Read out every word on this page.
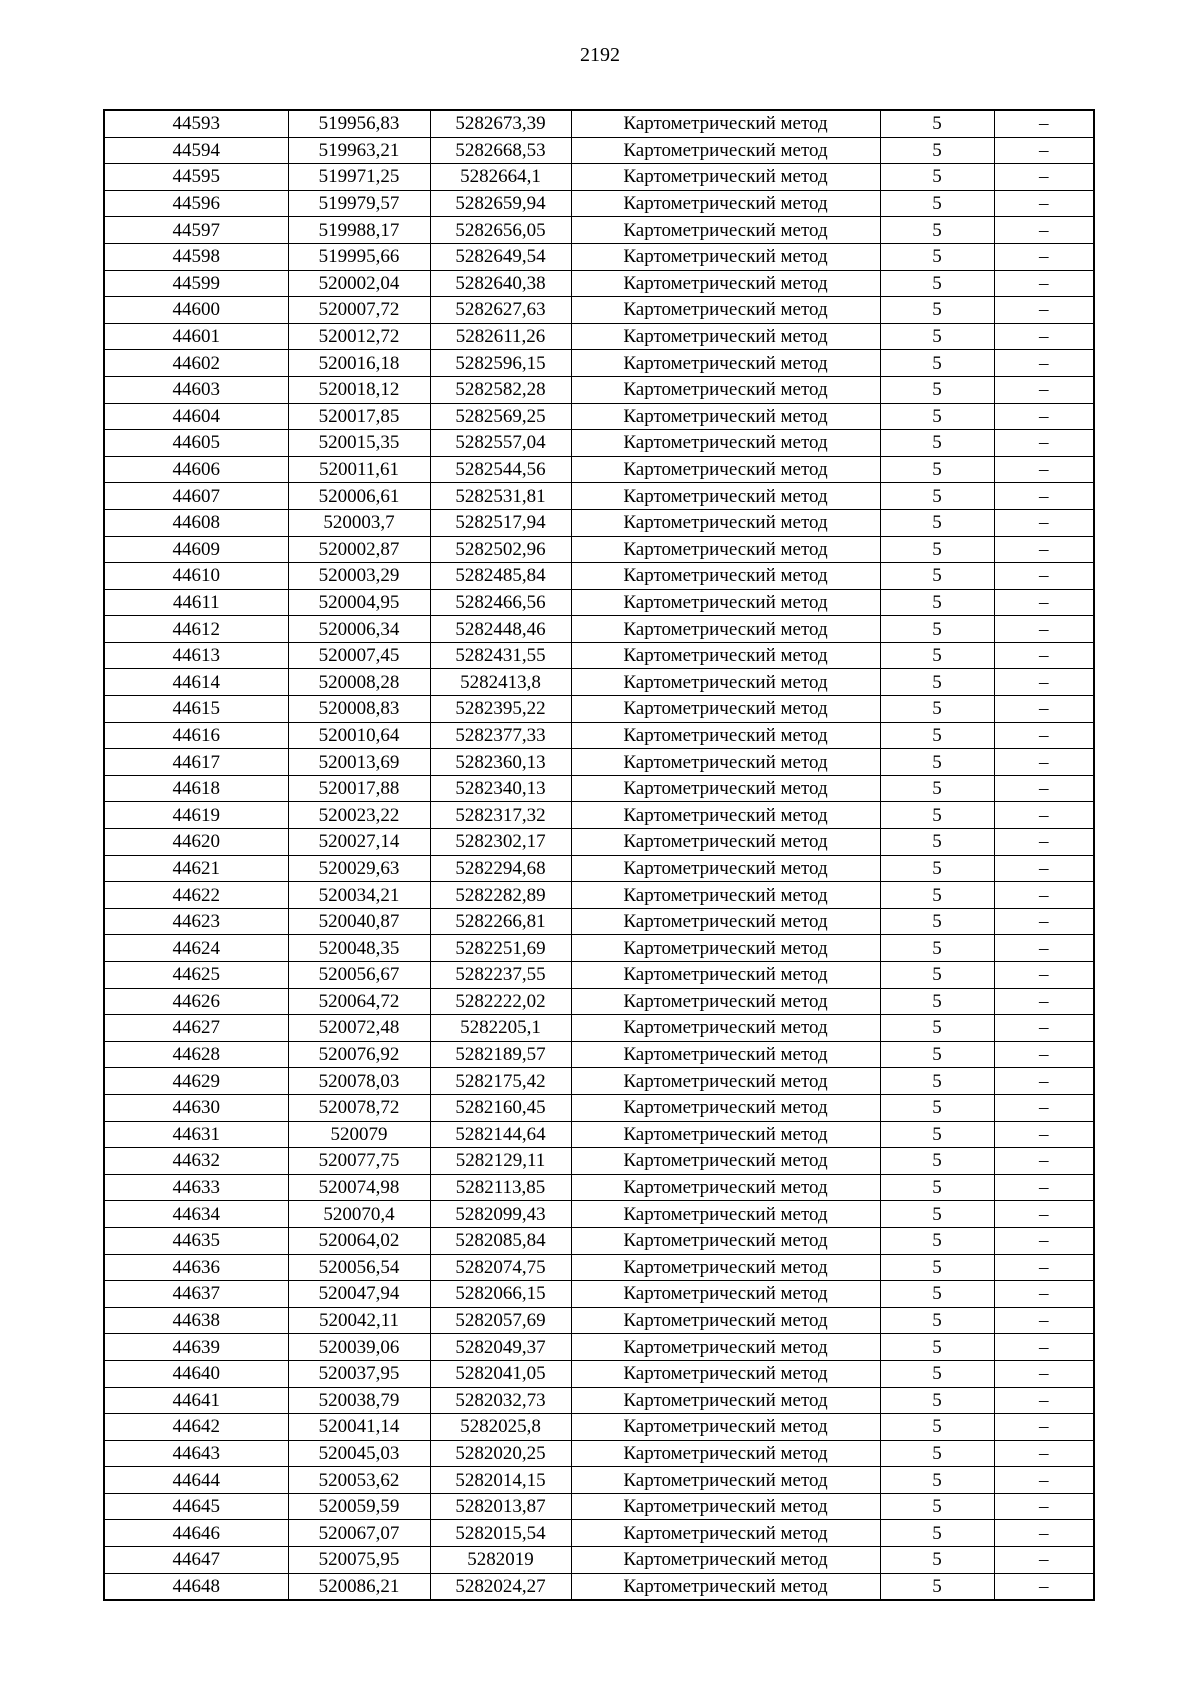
2192
44593	519956,83	5282673,39	Картометрический метод	5	–
44594	519963,21	5282668,53	Картометрический метод	5	–
44595	519971,25	5282664,1	Картометрический метод	5	–
44596	519979,57	5282659,94	Картометрический метод	5	–
44597	519988,17	5282656,05	Картометрический метод	5	–
44598	519995,66	5282649,54	Картометрический метод	5	–
44599	520002,04	5282640,38	Картометрический метод	5	–
44600	520007,72	5282627,63	Картометрический метод	5	–
44601	520012,72	5282611,26	Картометрический метод	5	–
44602	520016,18	5282596,15	Картометрический метод	5	–
44603	520018,12	5282582,28	Картометрический метод	5	–
44604	520017,85	5282569,25	Картометрический метод	5	–
44605	520015,35	5282557,04	Картометрический метод	5	–
44606	520011,61	5282544,56	Картометрический метод	5	–
44607	520006,61	5282531,81	Картометрический метод	5	–
44608	520003,7	5282517,94	Картометрический метод	5	–
44609	520002,87	5282502,96	Картометрический метод	5	–
44610	520003,29	5282485,84	Картометрический метод	5	–
44611	520004,95	5282466,56	Картометрический метод	5	–
44612	520006,34	5282448,46	Картометрический метод	5	–
44613	520007,45	5282431,55	Картометрический метод	5	–
44614	520008,28	5282413,8	Картометрический метод	5	–
44615	520008,83	5282395,22	Картометрический метод	5	–
44616	520010,64	5282377,33	Картометрический метод	5	–
44617	520013,69	5282360,13	Картометрический метод	5	–
44618	520017,88	5282340,13	Картометрический метод	5	–
44619	520023,22	5282317,32	Картометрический метод	5	–
44620	520027,14	5282302,17	Картометрический метод	5	–
44621	520029,63	5282294,68	Картометрический метод	5	–
44622	520034,21	5282282,89	Картометрический метод	5	–
44623	520040,87	5282266,81	Картометрический метод	5	–
44624	520048,35	5282251,69	Картометрический метод	5	–
44625	520056,67	5282237,55	Картометрический метод	5	–
44626	520064,72	5282222,02	Картометрический метод	5	–
44627	520072,48	5282205,1	Картометрический метод	5	–
44628	520076,92	5282189,57	Картометрический метод	5	–
44629	520078,03	5282175,42	Картометрический метод	5	–
44630	520078,72	5282160,45	Картометрический метод	5	–
44631	520079	5282144,64	Картометрический метод	5	–
44632	520077,75	5282129,11	Картометрический метод	5	–
44633	520074,98	5282113,85	Картометрический метод	5	–
44634	520070,4	5282099,43	Картометрический метод	5	–
44635	520064,02	5282085,84	Картометрический метод	5	–
44636	520056,54	5282074,75	Картометрический метод	5	–
44637	520047,94	5282066,15	Картометрический метод	5	–
44638	520042,11	5282057,69	Картометрический метод	5	–
44639	520039,06	5282049,37	Картометрический метод	5	–
44640	520037,95	5282041,05	Картометрический метод	5	–
44641	520038,79	5282032,73	Картометрический метод	5	–
44642	520041,14	5282025,8	Картометрический метод	5	–
44643	520045,03	5282020,25	Картометрический метод	5	–
44644	520053,62	5282014,15	Картометрический метод	5	–
44645	520059,59	5282013,87	Картометрический метод	5	–
44646	520067,07	5282015,54	Картометрический метод	5	–
44647	520075,95	5282019	Картометрический метод	5	–
44648	520086,21	5282024,27	Картометрический метод	5	–
